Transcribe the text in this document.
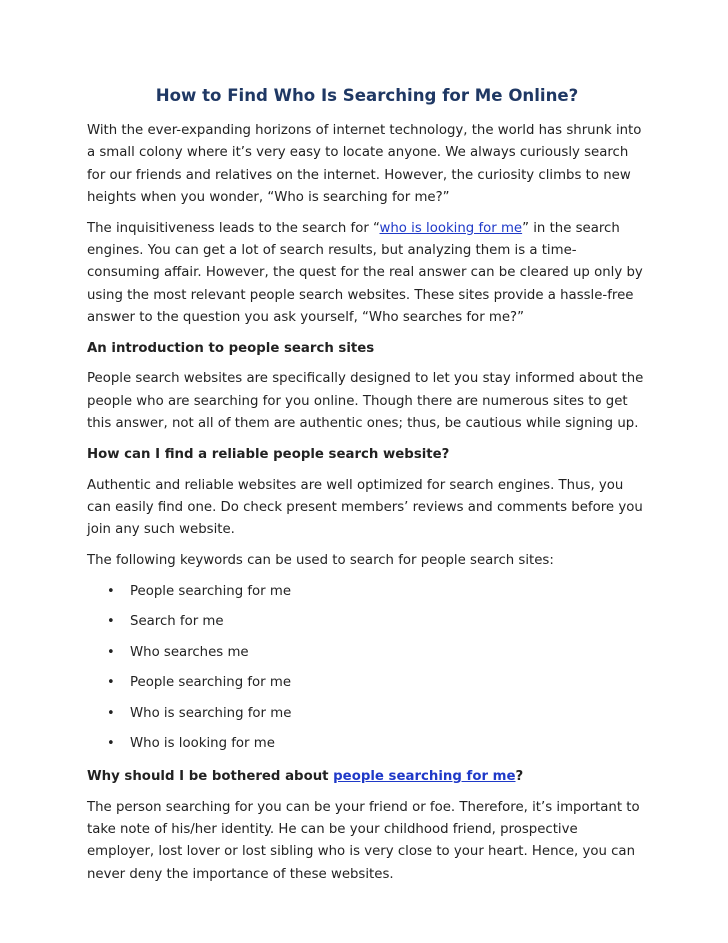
How to Find Who Is Searching for Me Online?

With the ever-expanding horizons of internet technology, the world has shrunk into a small colony where it’s very easy to locate anyone. We always curiously search for our friends and relatives on the internet. However, the curiosity climbs to new heights when you wonder, “Who is searching for me?”

The inquisitiveness leads to the search for “who is looking for me” in the search engines. You can get a lot of search results, but analyzing them is a time-consuming affair. However, the quest for the real answer can be cleared up only by using the most relevant people search websites. These sites provide a hassle-free answer to the question you ask yourself, “Who searches for me?”

An introduction to people search sites

People search websites are specifically designed to let you stay informed about the people who are searching for you online. Though there are numerous sites to get this answer, not all of them are authentic ones; thus, be cautious while signing up.

How can I find a reliable people search website?

Authentic and reliable websites are well optimized for search engines. Thus, you can easily find one. Do check present members’ reviews and comments before you join any such website.

The following keywords can be used to search for people search sites:

• People searching for me
• Search for me
• Who searches me
• People searching for me
• Who is searching for me
• Who is looking for me
Why should I be bothered about people searching for me?

The person searching for you can be your friend or foe. Therefore, it’s important to take note of his/her identity. He can be your childhood friend, prospective employer, lost lover or lost sibling who is very close to your heart. Hence, you can never deny the importance of these websites.
